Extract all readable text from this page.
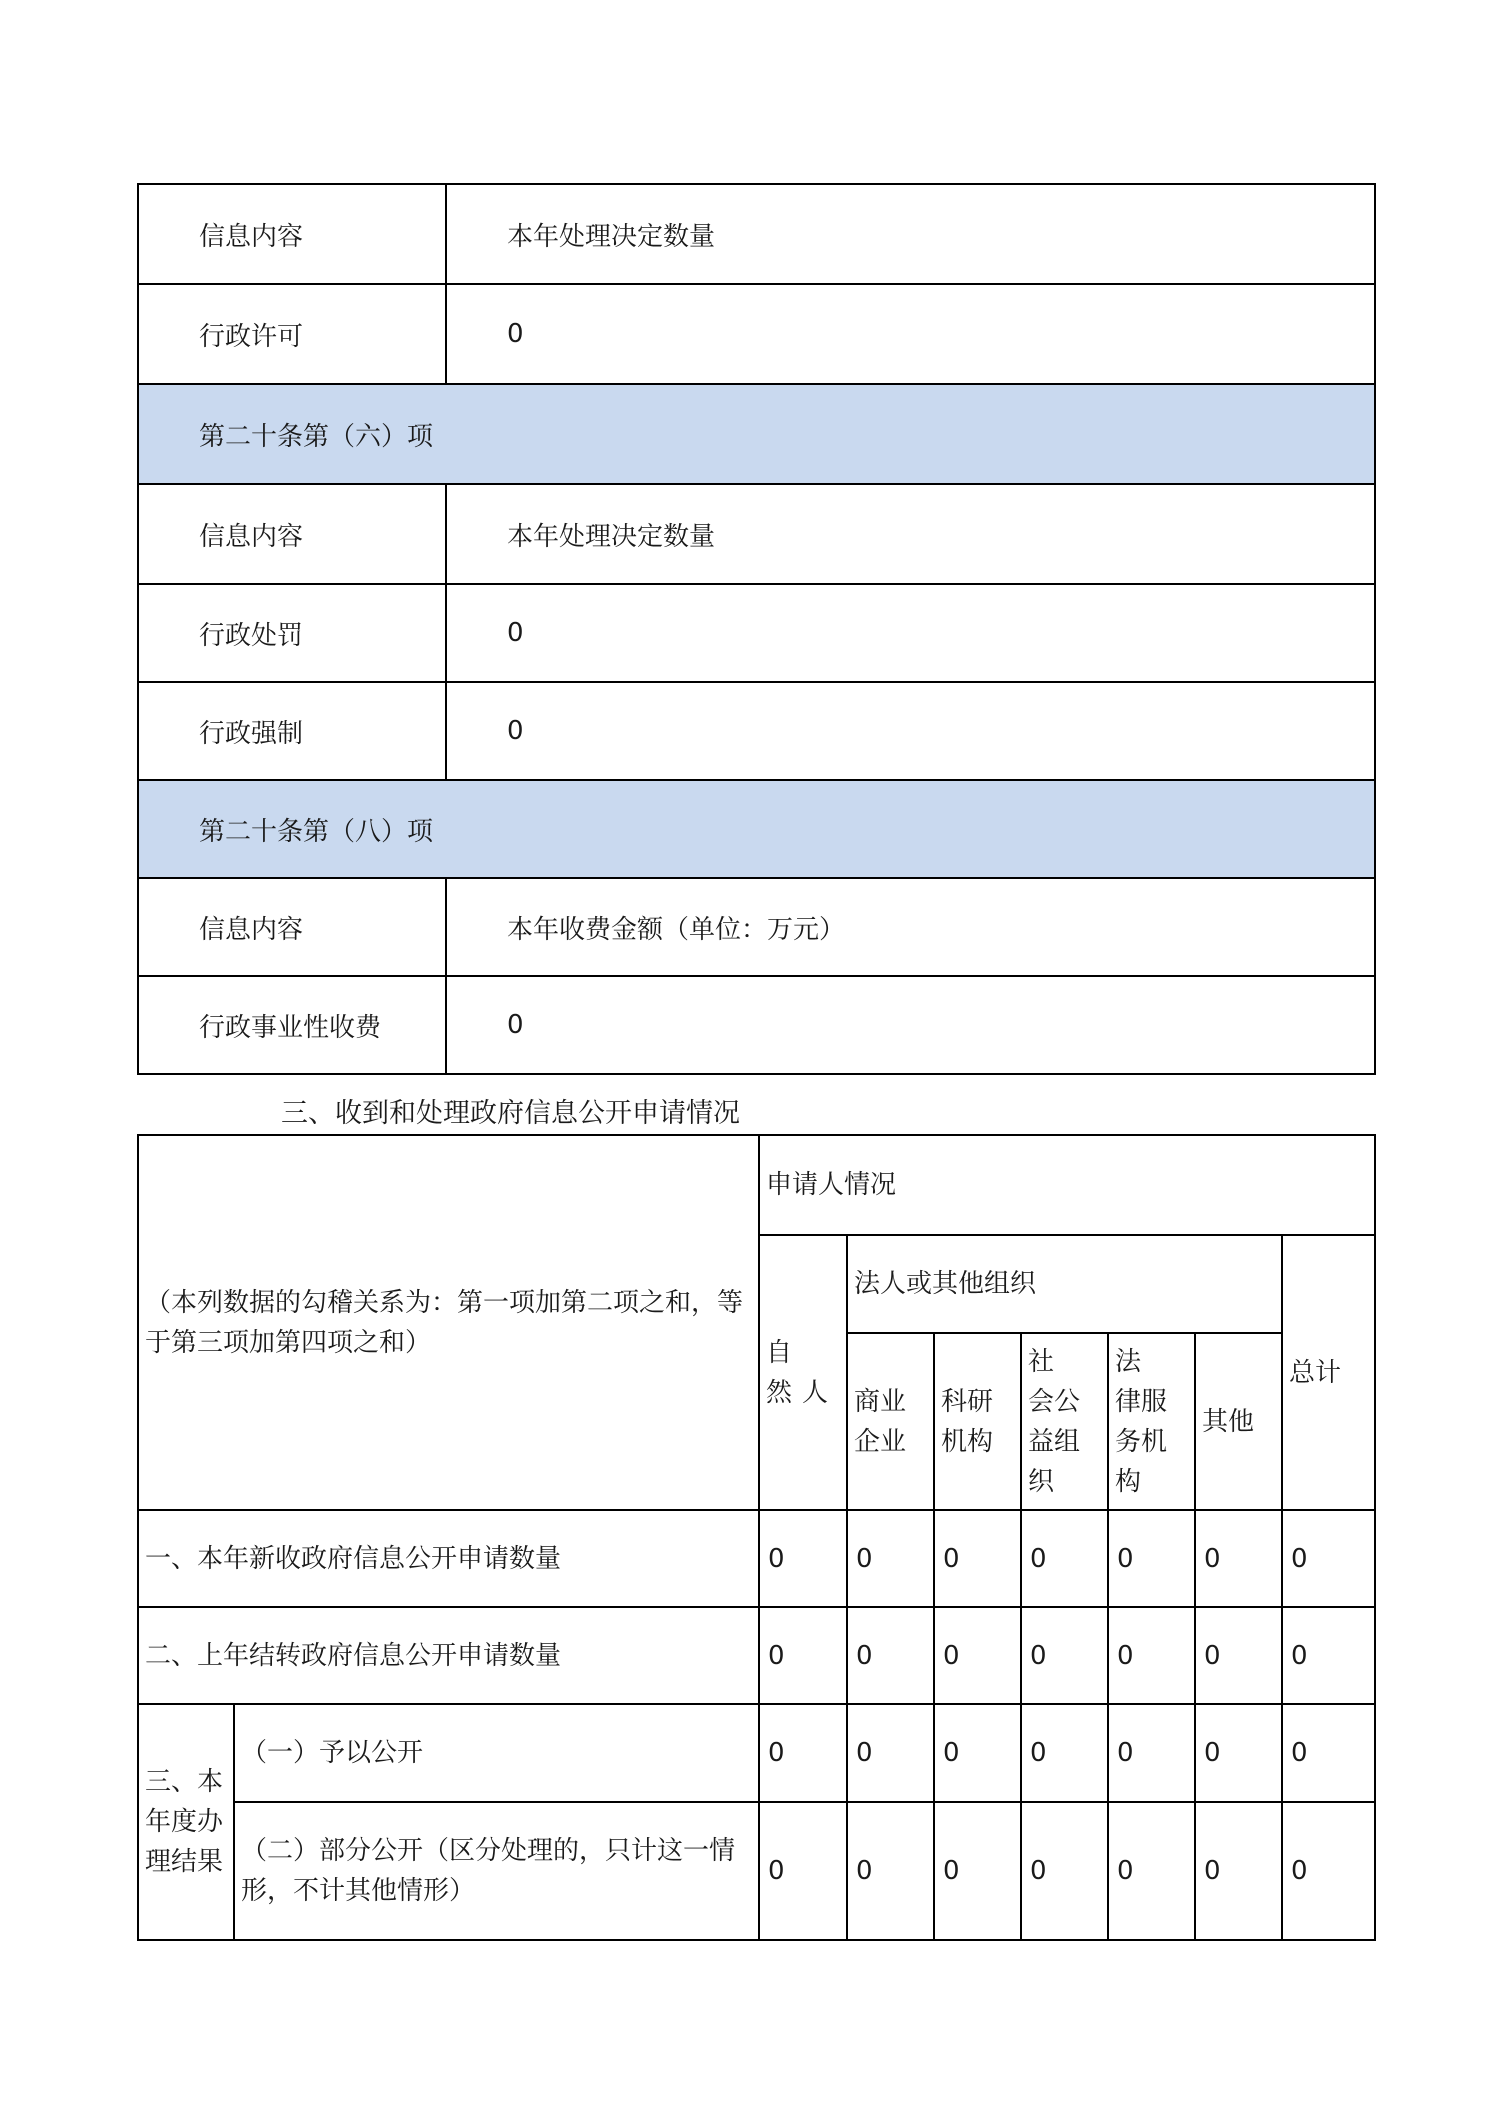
信息内容	本年处理决定数量
行政许可	0
第二十条第（六）项	
信息内容	本年处理决定数量
行政处罚	0
行政强制	0
第二十条第（八）项	
信息内容	本年收费金额（单位：万元）
行政事业性收费	0
三、收到和处理政府信息公开申请情况
（本列数据的勾稽关系为：第一项加第二项之和，等于第三项加第四项之和）		申请人情况						
		自　然人	法人或其他组织					总计
			商业企业	科研机构	社　会公　益组织	法　律服　务机构	其他	
一、本年新收政府信息公开申请数量		0	0	0	0	0	0	0
二、上年结转政府信息公开申请数量		0	0	0	0	0	0	0
三、本年度办理结果	（一）予以公开	0	0	0	0	0	0	0
	（二）部分公开（区分处理的，只计这一情形，不计其他情形）	0	0	0	0	0	0	0
